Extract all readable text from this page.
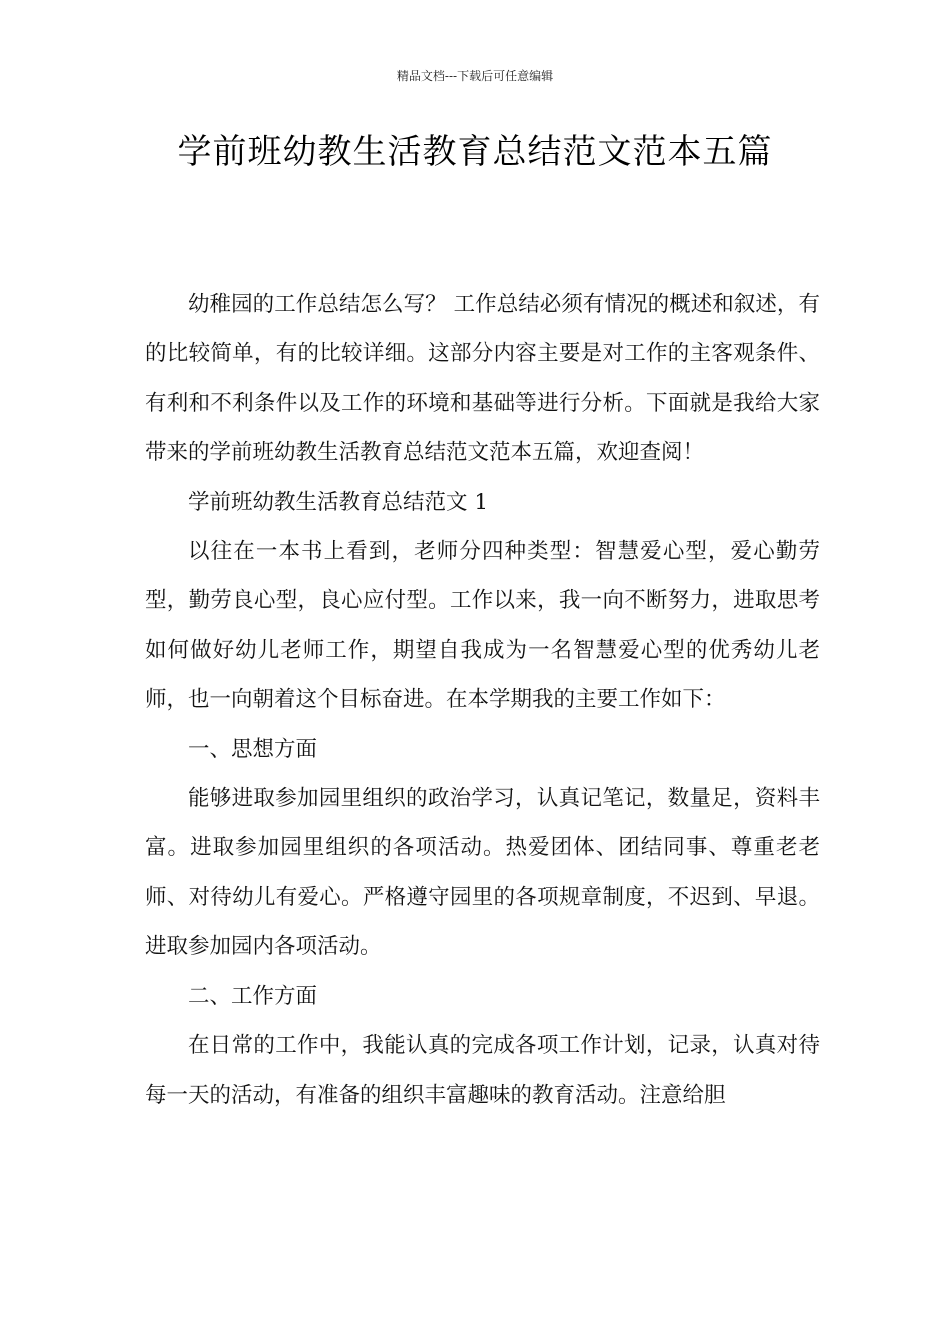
精品文档---下载后可任意编辑
学前班幼教生活教育总结范文范本五篇

幼稚园的工作总结怎么写？ 工作总结必须有情况的概述和叙述，有的比较简单，有的比较详细。这部分内容主要是对工作的主客观条件、有利和不利条件以及工作的环境和基础等进行分析。下面就是我给大家带来的学前班幼教生活教育总结范文范本五篇，欢迎查阅！

学前班幼教生活教育总结范文 1

以往在一本书上看到，老师分四种类型：智慧爱心型，爱心勤劳型，勤劳良心型，良心应付型。工作以来，我一向不断努力，进取思考如何做好幼儿老师工作，期望自我成为一名智慧爱心型的优秀幼儿老师，也一向朝着这个目标奋进。在本学期我的主要工作如下：

一、思想方面

能够进取参加园里组织的政治学习，认真记笔记，数量足，资料丰富。进取参加园里组织的各项活动。热爱团体、团结同事、尊重老老师、对待幼儿有爱心。严格遵守园里的各项规章制度，不迟到、早退。进取参加园内各项活动。

二、工作方面

在日常的工作中，我能认真的完成各项工作计划，记录，认真对待每一天的活动，有准备的组织丰富趣味的教育活动。注意给胆
